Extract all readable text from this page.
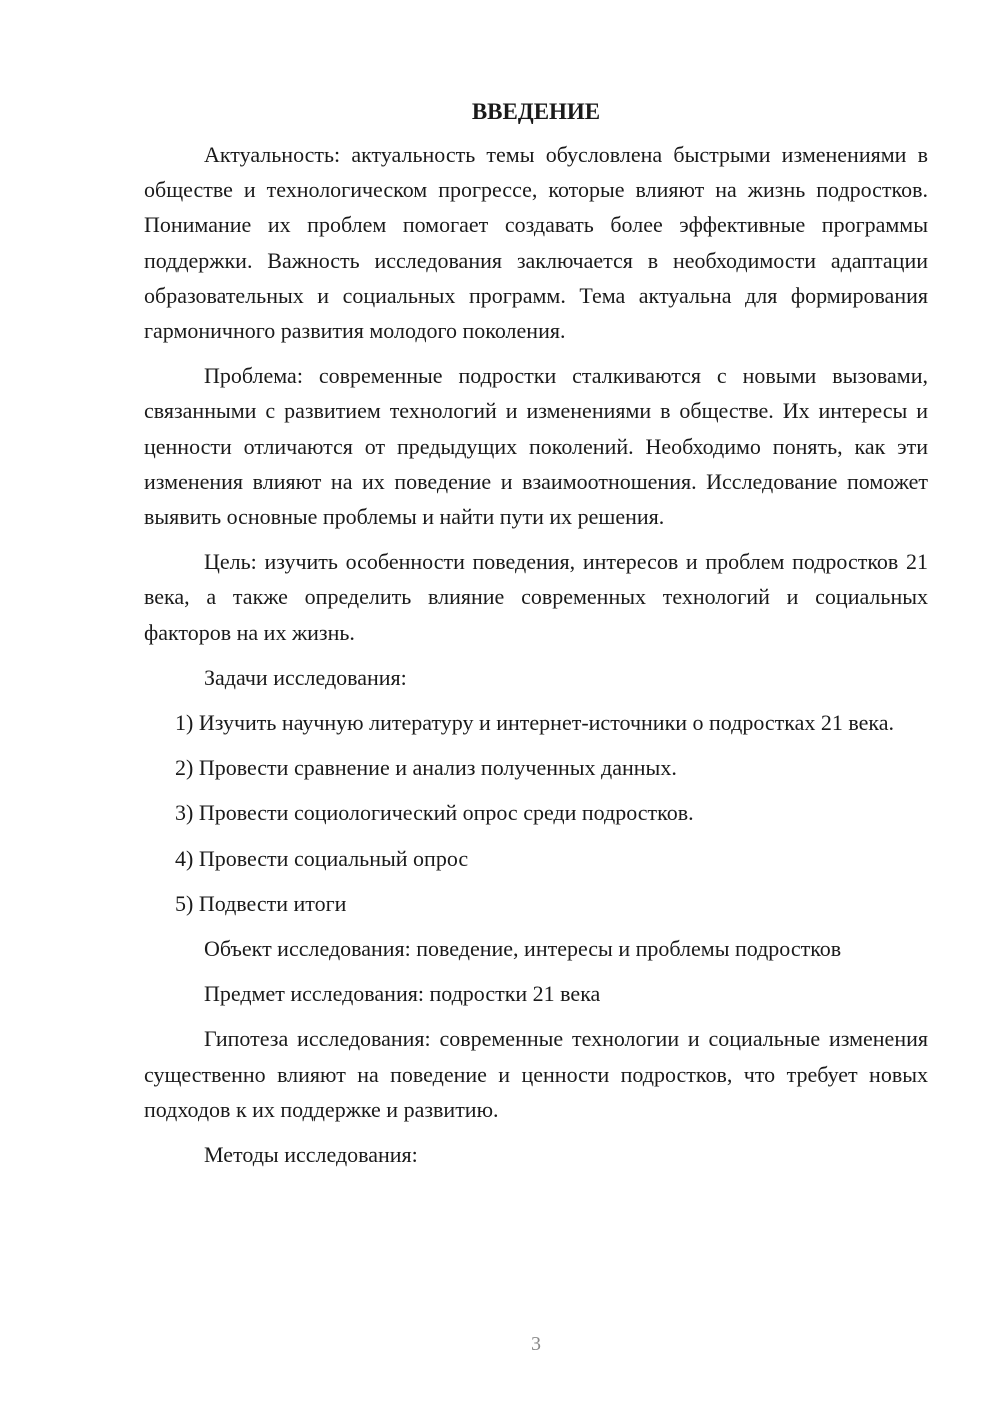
ВВЕДЕНИЕ

Актуальность: актуальность темы обусловлена быстрыми изменениями в обществе и технологическом прогрессе, которые влияют на жизнь подростков. Понимание их проблем помогает создавать более эффективные программы поддержки. Важность исследования заключается в необходимости адаптации образовательных и социальных программ. Тема актуальна для формирования гармоничного развития молодого поколения.

Проблема: современные подростки сталкиваются с новыми вызовами, связанными с развитием технологий и изменениями в обществе. Их интересы и ценности отличаются от предыдущих поколений. Необходимо понять, как эти изменения влияют на их поведение и взаимоотношения. Исследование поможет выявить основные проблемы и найти пути их решения.

Цель: изучить особенности поведения, интересов и проблем подростков 21 века, а также определить влияние современных технологий и социальных факторов на их жизнь.

Задачи исследования:

1) Изучить научную литературу и интернет-источники о подростках 21 века.

2) Провести сравнение и анализ полученных данных.

3) Провести социологический опрос среди подростков.

4) Провести социальный опрос

5) Подвести итоги

Объект исследования: поведение, интересы и проблемы подростков

Предмет исследования: подростки 21 века

Гипотеза исследования: современные технологии и социальные изменения существенно влияют на поведение и ценности подростков, что требует новых подходов к их поддержке и развитию.

Методы исследования:

3
